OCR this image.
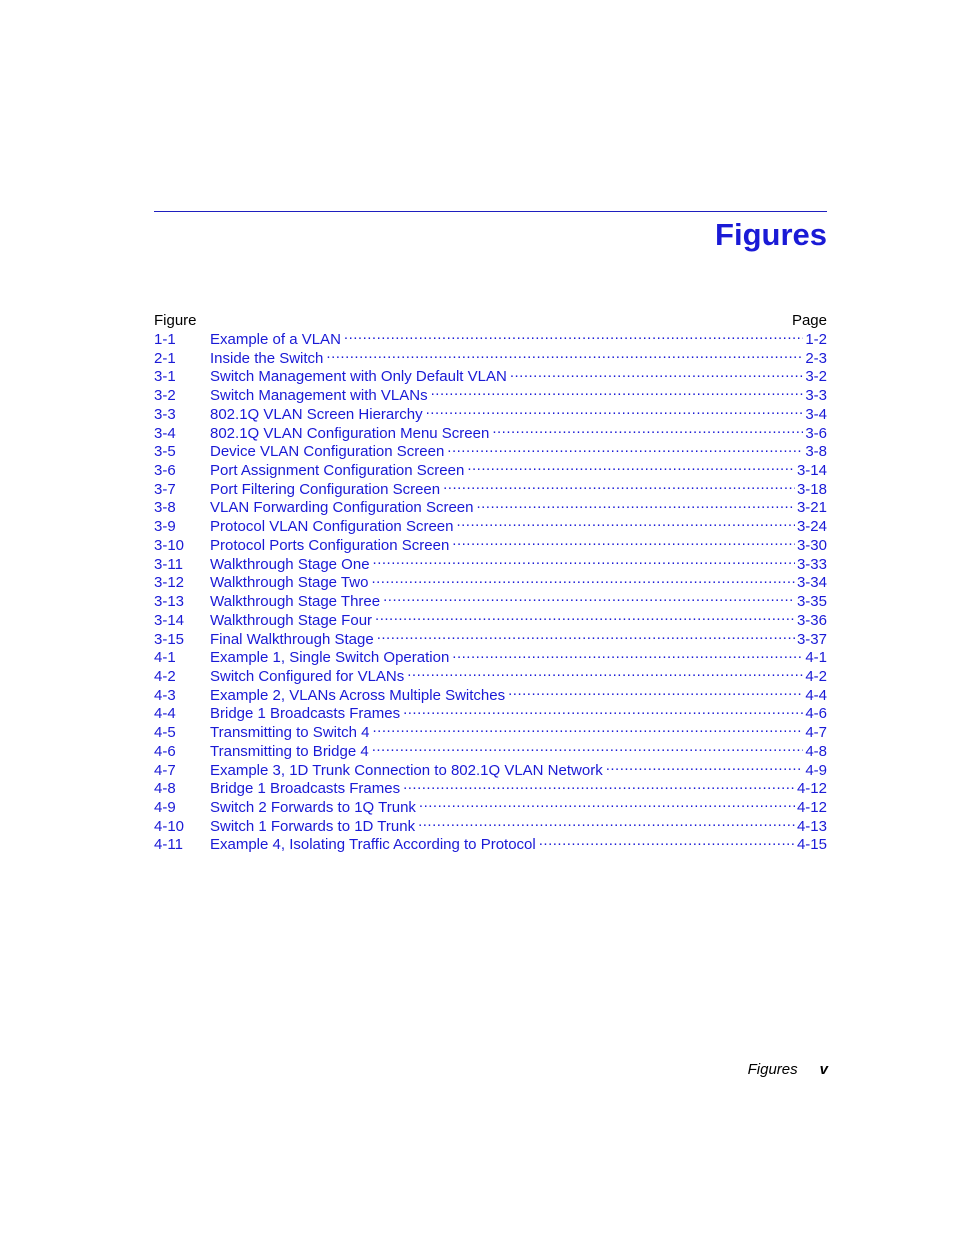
Figures
Figure	Page
1-1	Example of a VLAN .....	1-2
2-1	Inside the Switch .....	2-3
3-1	Switch Management with Only Default VLAN .....	3-2
3-2	Switch Management with VLANs .....	3-3
3-3	802.1Q VLAN Screen Hierarchy .....	3-4
3-4	802.1Q VLAN Configuration Menu Screen .....	3-6
3-5	Device VLAN Configuration Screen .....	3-8
3-6	Port Assignment Configuration Screen .....	3-14
3-7	Port Filtering Configuration Screen .....	3-18
3-8	VLAN Forwarding Configuration Screen .....	3-21
3-9	Protocol VLAN Configuration Screen .....	3-24
3-10	Protocol Ports Configuration Screen .....	3-30
3-11	Walkthrough Stage One .....	3-33
3-12	Walkthrough Stage Two .....	3-34
3-13	Walkthrough Stage Three .....	3-35
3-14	Walkthrough Stage Four .....	3-36
3-15	Final Walkthrough Stage .....	3-37
4-1	Example 1, Single Switch Operation .....	4-1
4-2	Switch Configured for VLANs .....	4-2
4-3	Example 2, VLANs Across Multiple Switches .....	4-4
4-4	Bridge 1 Broadcasts Frames .....	4-6
4-5	Transmitting to Switch 4 .....	4-7
4-6	Transmitting to Bridge 4 .....	4-8
4-7	Example 3, 1D Trunk Connection to 802.1Q VLAN Network .....	4-9
4-8	Bridge 1 Broadcasts Frames .....	4-12
4-9	Switch 2 Forwards to 1Q Trunk .....	4-12
4-10	Switch 1 Forwards to 1D Trunk .....	4-13
4-11	Example 4, Isolating Traffic According to Protocol .....	4-15
Figures v
